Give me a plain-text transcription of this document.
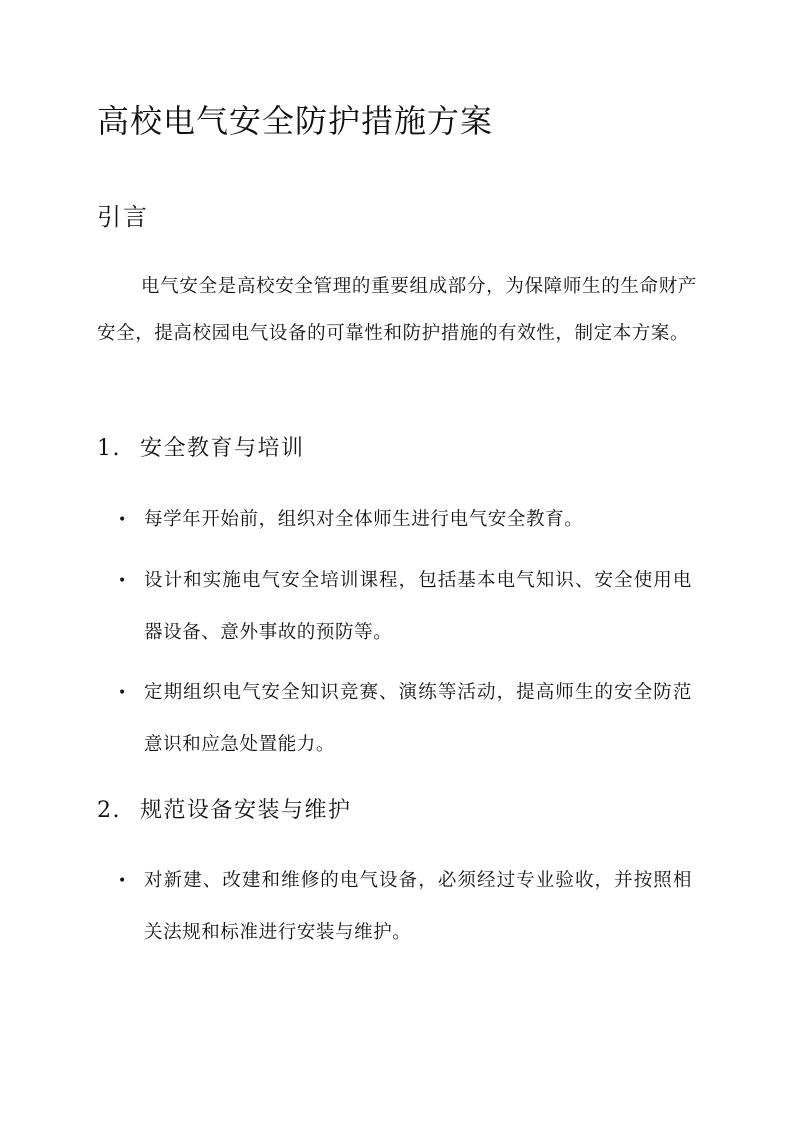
高校电气安全防护措施方案
引言
电气安全是高校安全管理的重要组成部分，为保障师生的生命财产安全，提高校园电气设备的可靠性和防护措施的有效性，制定本方案。
1. 安全教育与培训
• 每学年开始前，组织对全体师生进行电气安全教育。
• 设计和实施电气安全培训课程，包括基本电气知识、安全使用电器设备、意外事故的预防等。
• 定期组织电气安全知识竞赛、演练等活动，提高师生的安全防范意识和应急处置能力。
2. 规范设备安装与维护
• 对新建、改建和维修的电气设备，必须经过专业验收，并按照相关法规和标准进行安装与维护。
